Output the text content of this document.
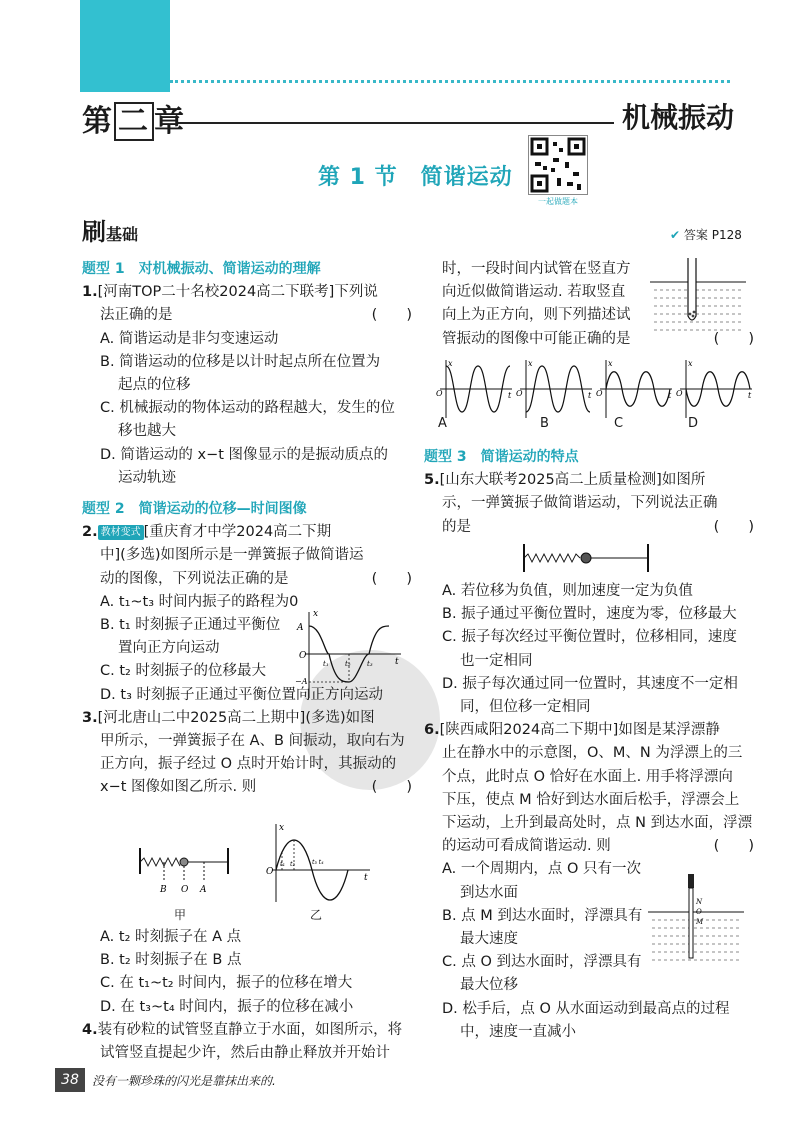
第 二 章	机械振动
第 1 节　简谐运动
一起做题本
刷基础	✔ 答案 P128

题型 1　对机械振动、简谐运动的理解

1.[河南TOP二十名校2024高二下联考]下列说

法正确的是	(　　)

A. 简谐运动是非匀变速运动

B. 简谐运动的位移是以计时起点所在位置为

起点的位移

C. 机械振动的物体运动的路程越大，发生的位

移也越大

D. 简谐运动的 x−t 图像显示的是振动质点的

运动轨迹

题型 2　简谐运动的位移—时间图像

2. 教材变式 [重庆育才中学2024高二下期

中](多选)如图所示是一弹簧振子做简谐运

动的图像，下列说法正确的是	(　　)

A. t₁~t₃ 时间内振子的路程为0

B. t₁ 时刻振子正通过平衡位

置向正方向运动

C. t₂ 时刻振子的位移最大

D. t₃ 时刻振子正通过平衡位置向正方向运动

3.[河北唐山二中2025高二上期中](多选)如图

甲所示，一弹簧振子在 A、B 间振动，取向右为

正方向，振子经过 O 点时开始计时，其振动的

x−t 图像如图乙所示. 则	(　　)

x
t
O
A
−A
t₁ t₂ t₃
B O A
甲
x
t
O
t₁ t₂	t₃ t₄
乙

A. t₂ 时刻振子在 A 点

B. t₂ 时刻振子在 B 点

C. 在 t₁~t₂ 时间内，振子的位移在增大

D. 在 t₃~t₄ 时间内，振子的位移在减小

4.装有砂粒的试管竖直静立于水面，如图所示，将

试管竖直提起少许，然后由静止释放并开始计

时，一段时间内试管在竖直方

向近似做简谐运动. 若取竖直

向上为正方向，则下列描述试

管振动的图像中可能正确的是	(　　)

x
t
O
x
t
O
x
t
O
x
t
O
A	B	C	D

题型 3　简谐运动的特点

5.[山东大联考2025高二上质量检测]如图所

示，一弹簧振子做简谐运动，下列说法正确

的是	(　　)

A. 若位移为负值，则加速度一定为负值

B. 振子通过平衡位置时，速度为零，位移最大

C. 振子每次经过平衡位置时，位移相同，速度

也一定相同

D. 振子每次通过同一位置时，其速度不一定相

同，但位移一定相同

6.[陕西咸阳2024高二下期中]如图是某浮漂静

止在静水中的示意图，O、M、N 为浮漂上的三

个点，此时点 O 恰好在水面上. 用手将浮漂向

下压，使点 M 恰好到达水面后松手，浮漂会上

下运动，上升到最高处时，点 N 到达水面，浮漂

的运动可看成简谐运动. 则	(　　)

A. 一个周期内，点 O 只有一次

到达水面

B. 点 M 到达水面时，浮漂具有

最大速度

C. 点 O 到达水面时，浮漂具有

最大位移

D. 松手后，点 O 从水面运动到最高点的过程

中，速度一直减小

N
O
M
38	没有一颗珍珠的闪光是靠抹出来的.
